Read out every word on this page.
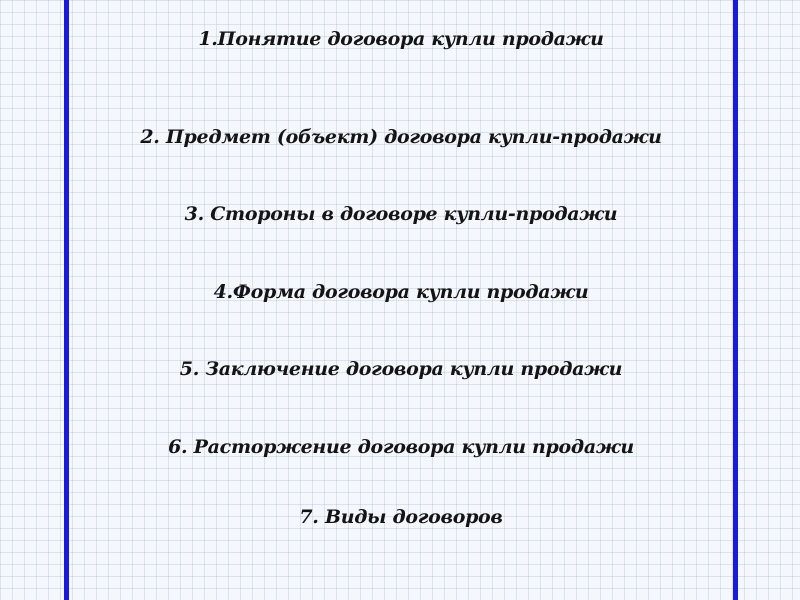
1.Понятие договора купли продажи
2. Предмет (объект) договора купли-продажи
3. Стороны в договоре купли-продажи
4.Форма договора купли продажи
5. Заключение договора купли продажи
6. Расторжение договора купли продажи
7. Виды договоров
